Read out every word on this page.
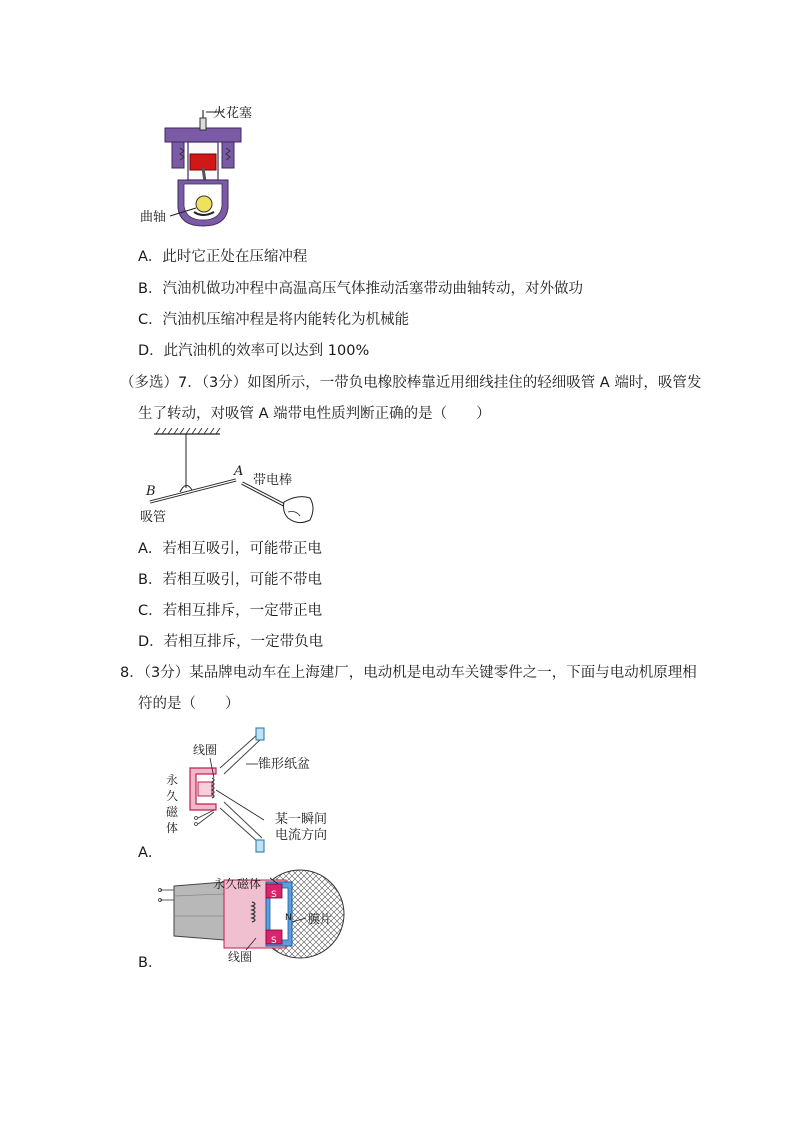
火花塞
曲轴
A．此时它正处在压缩冲程
B．汽油机做功冲程中高温高压气体推动活塞带动曲轴转动，对外做功
C．汽油机压缩冲程是将内能转化为机械能
D．此汽油机的效率可以达到 100%
（多选）7．（3分）如图所示，一带负电橡胶棒靠近用细线挂住的轻细吸管 A 端时，吸管发
生了转动，对吸管 A 端带电性质判断正确的是（　　）
A
B
带电棒
吸管
A．若相互吸引，可能带正电
B．若相互吸引，可能不带电
C．若相互排斥，一定带正电
D．若相互排斥，一定带负电
8．（3分）某品牌电动车在上海建厂，电动机是电动车关键零件之一，下面与电动机原理相
符的是（　　）
线圈
永
久
磁
体
锥形纸盆
某一瞬间
电流方向
A．
永久磁体
膜片
线圈
S
S
N
B．
